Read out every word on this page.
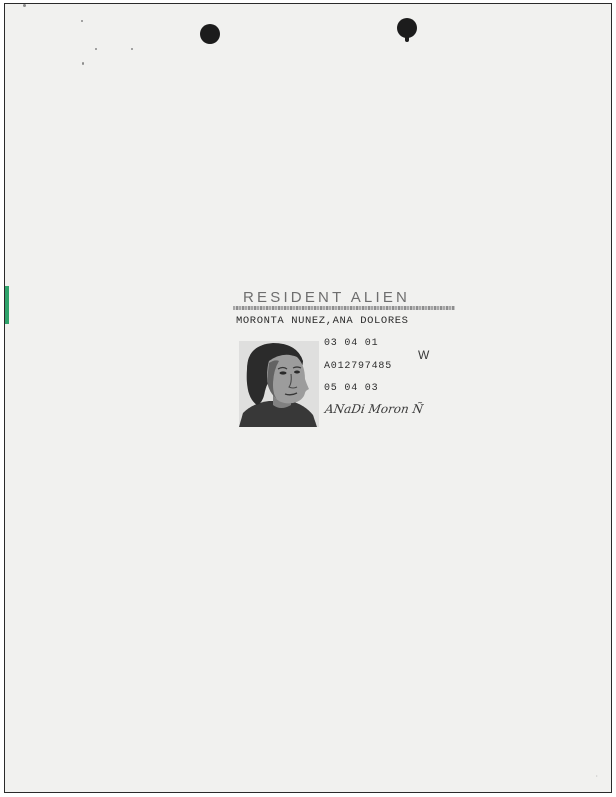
RESIDENT ALIEN
MORONTA NUNEZ,ANA DOLORES
03 04 01
A012797485
W
05 04 03
ANaDi Moron Ñ
·
